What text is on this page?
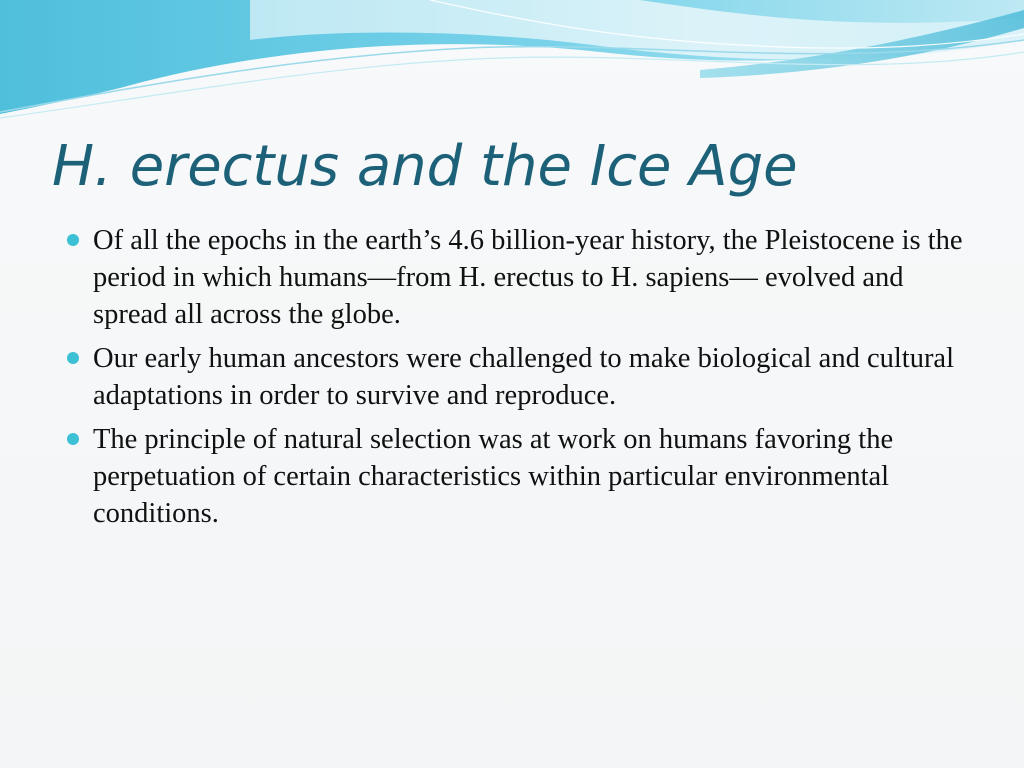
H. erectus and the Ice Age
Of all the epochs in the earth’s 4.6 billion-year history, the Pleistocene is the period in which humans—from H. erectus to H. sapiens— evolved and spread all across the globe.
Our early human ancestors were challenged to make biological and cultural adaptations in order to survive and reproduce.
The principle of natural selection was at work on humans favoring the perpetuation of certain characteristics within particular environmental conditions.
